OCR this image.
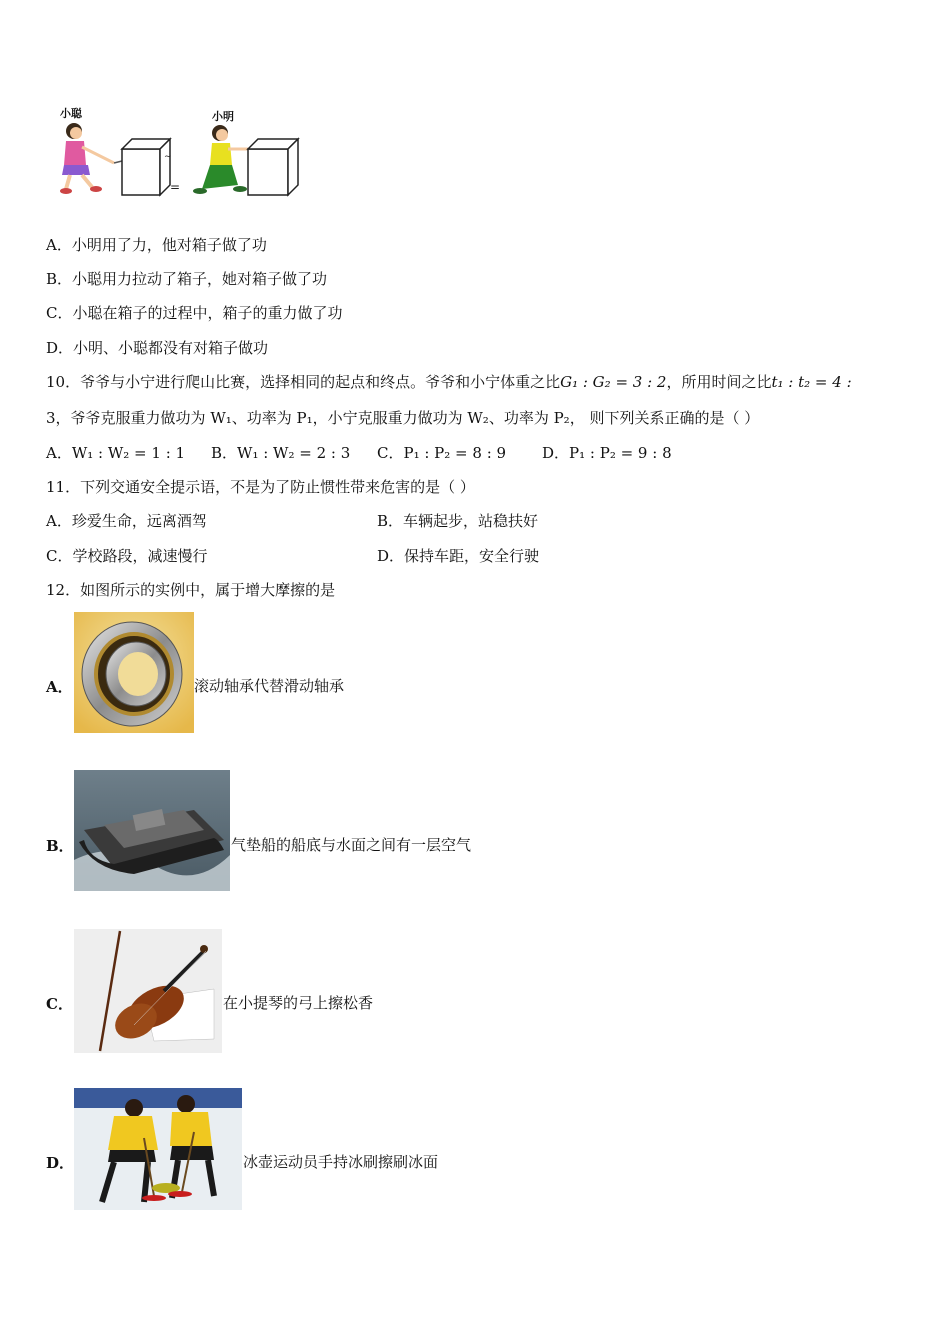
小聪	小明
~
=
A．小明用了力，他对箱子做了功
B．小聪用力拉动了箱子，她对箱子做了功
C．小聪在箱子的过程中，箱子的重力做了功
D．小明、小聪都没有对箱子做功
10．爷爷与小宁进行爬山比赛，选择相同的起点和终点。爷爷和小宁体重之比G₁ : G₂ = 3 : 2，所用时间之比t₁ : t₂ = 4 :
3，爷爷克服重力做功为 W₁、功率为 P₁，小宁克服重力做功为 W₂、功率为 P₂， 则下列关系正确的是（ ）
A．W₁ : W₂ = 1 : 1 B．W₁ : W₂ = 2 : 3 C．P₁ : P₂ = 8 : 9 D．P₁ : P₂ = 9 : 8
11．下列交通安全提示语，不是为了防止惯性带来危害的是（ ）
A．珍爱生命，远离酒驾	B．车辆起步，站稳扶好
C．学校路段，减速慢行	D．保持车距，安全行驶
12．如图所示的实例中，属于增大摩擦的是
A．	滚动轴承代替滑动轴承
B．	气垫船的船底与水面之间有一层空气
C．	在小提琴的弓上擦松香
D．	冰壶运动员手持冰刷擦刷冰面
